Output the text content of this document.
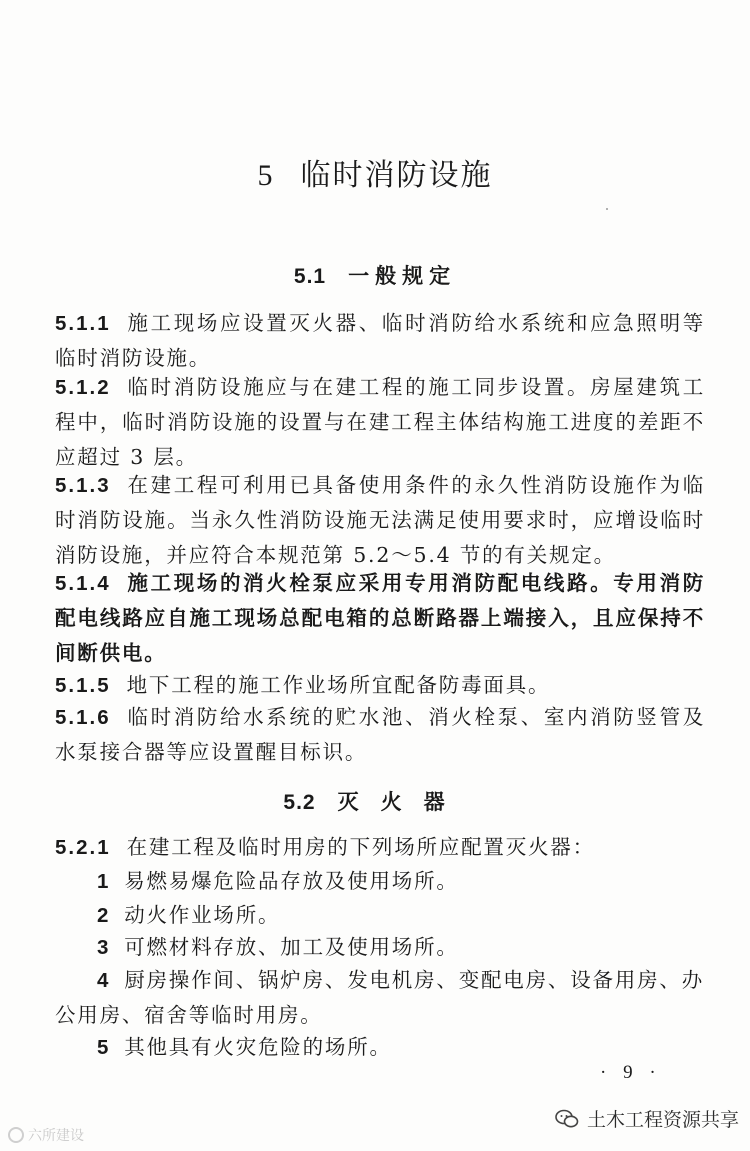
5 临时消防设施
5.1 一般规定
5.1.1 施工现场应设置灭火器、临时消防给水系统和应急照明等临时消防设施。
5.1.2 临时消防设施应与在建工程的施工同步设置。房屋建筑工程中，临时消防设施的设置与在建工程主体结构施工进度的差距不应超过 3 层。
5.1.3 在建工程可利用已具备使用条件的永久性消防设施作为临时消防设施。当永久性消防设施无法满足使用要求时，应增设临时消防设施，并应符合本规范第 5.2～5.4 节的有关规定。
5.1.4 施工现场的消火栓泵应采用专用消防配电线路。专用消防配电线路应自施工现场总配电箱的总断路器上端接入，且应保持不间断供电。
5.1.5 地下工程的施工作业场所宜配备防毒面具。
5.1.6 临时消防给水系统的贮水池、消火栓泵、室内消防竖管及水泵接合器等应设置醒目标识。
5.2 灭火器
5.2.1 在建工程及临时用房的下列场所应配置灭火器：
1 易燃易爆危险品存放及使用场所。
2 动火作业场所。
3 可燃材料存放、加工及使用场所。
4 厨房操作间、锅炉房、发电机房、变配电房、设备用房、办公用房、宿舍等临时用房。
5 其他具有火灾危险的场所。
· 9 ·
六所建设
土木工程资源共享
